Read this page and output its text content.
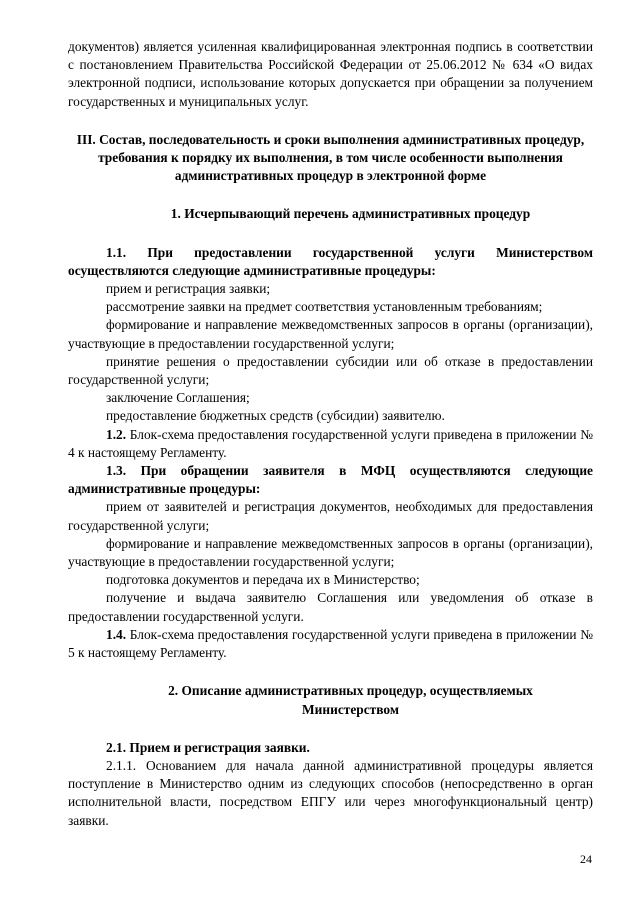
документов) является усиленная квалифицированная электронная подпись в соответствии с постановлением Правительства Российской Федерации от 25.06.2012 № 634 «О видах электронной подписи, использование которых допускается при обращении за получением государственных и муниципальных услуг.

III. Состав, последовательность и сроки выполнения административных процедур, требования к порядку их выполнения, в том числе особенности выполнения административных процедур в электронной форме

1. Исчерпывающий перечень административных процедур

1.1. При предоставлении государственной услуги Министерством осуществляются следующие административные процедуры:

прием и регистрация заявки;

рассмотрение заявки на предмет соответствия установленным требованиям;

формирование и направление межведомственных запросов в органы (организации), участвующие в предоставлении государственной услуги;

принятие решения о предоставлении субсидии или об отказе в предоставлении государственной услуги;

заключение Соглашения;

предоставление бюджетных средств (субсидии) заявителю.

1.2. Блок-схема предоставления государственной услуги приведена в приложении № 4 к настоящему Регламенту.

1.3. При обращении заявителя в МФЦ осуществляются следующие административные процедуры:

прием от заявителей и регистрация документов, необходимых для предоставления государственной услуги;

формирование и направление межведомственных запросов в органы (организации), участвующие в предоставлении государственной услуги;

подготовка документов и передача их в Министерство;

получение и выдача заявителю Соглашения или уведомления об отказе в предоставлении государственной услуги.

1.4. Блок-схема предоставления государственной услуги приведена в приложении № 5 к настоящему Регламенту.

2. Описание административных процедур, осуществляемых

Министерством

2.1. Прием и регистрация заявки.

2.1.1. Основанием для начала данной административной процедуры является поступление в Министерство одним из следующих способов (непосредственно в орган исполнительной власти, посредством ЕПГУ или через многофункциональный центр) заявки.

24
